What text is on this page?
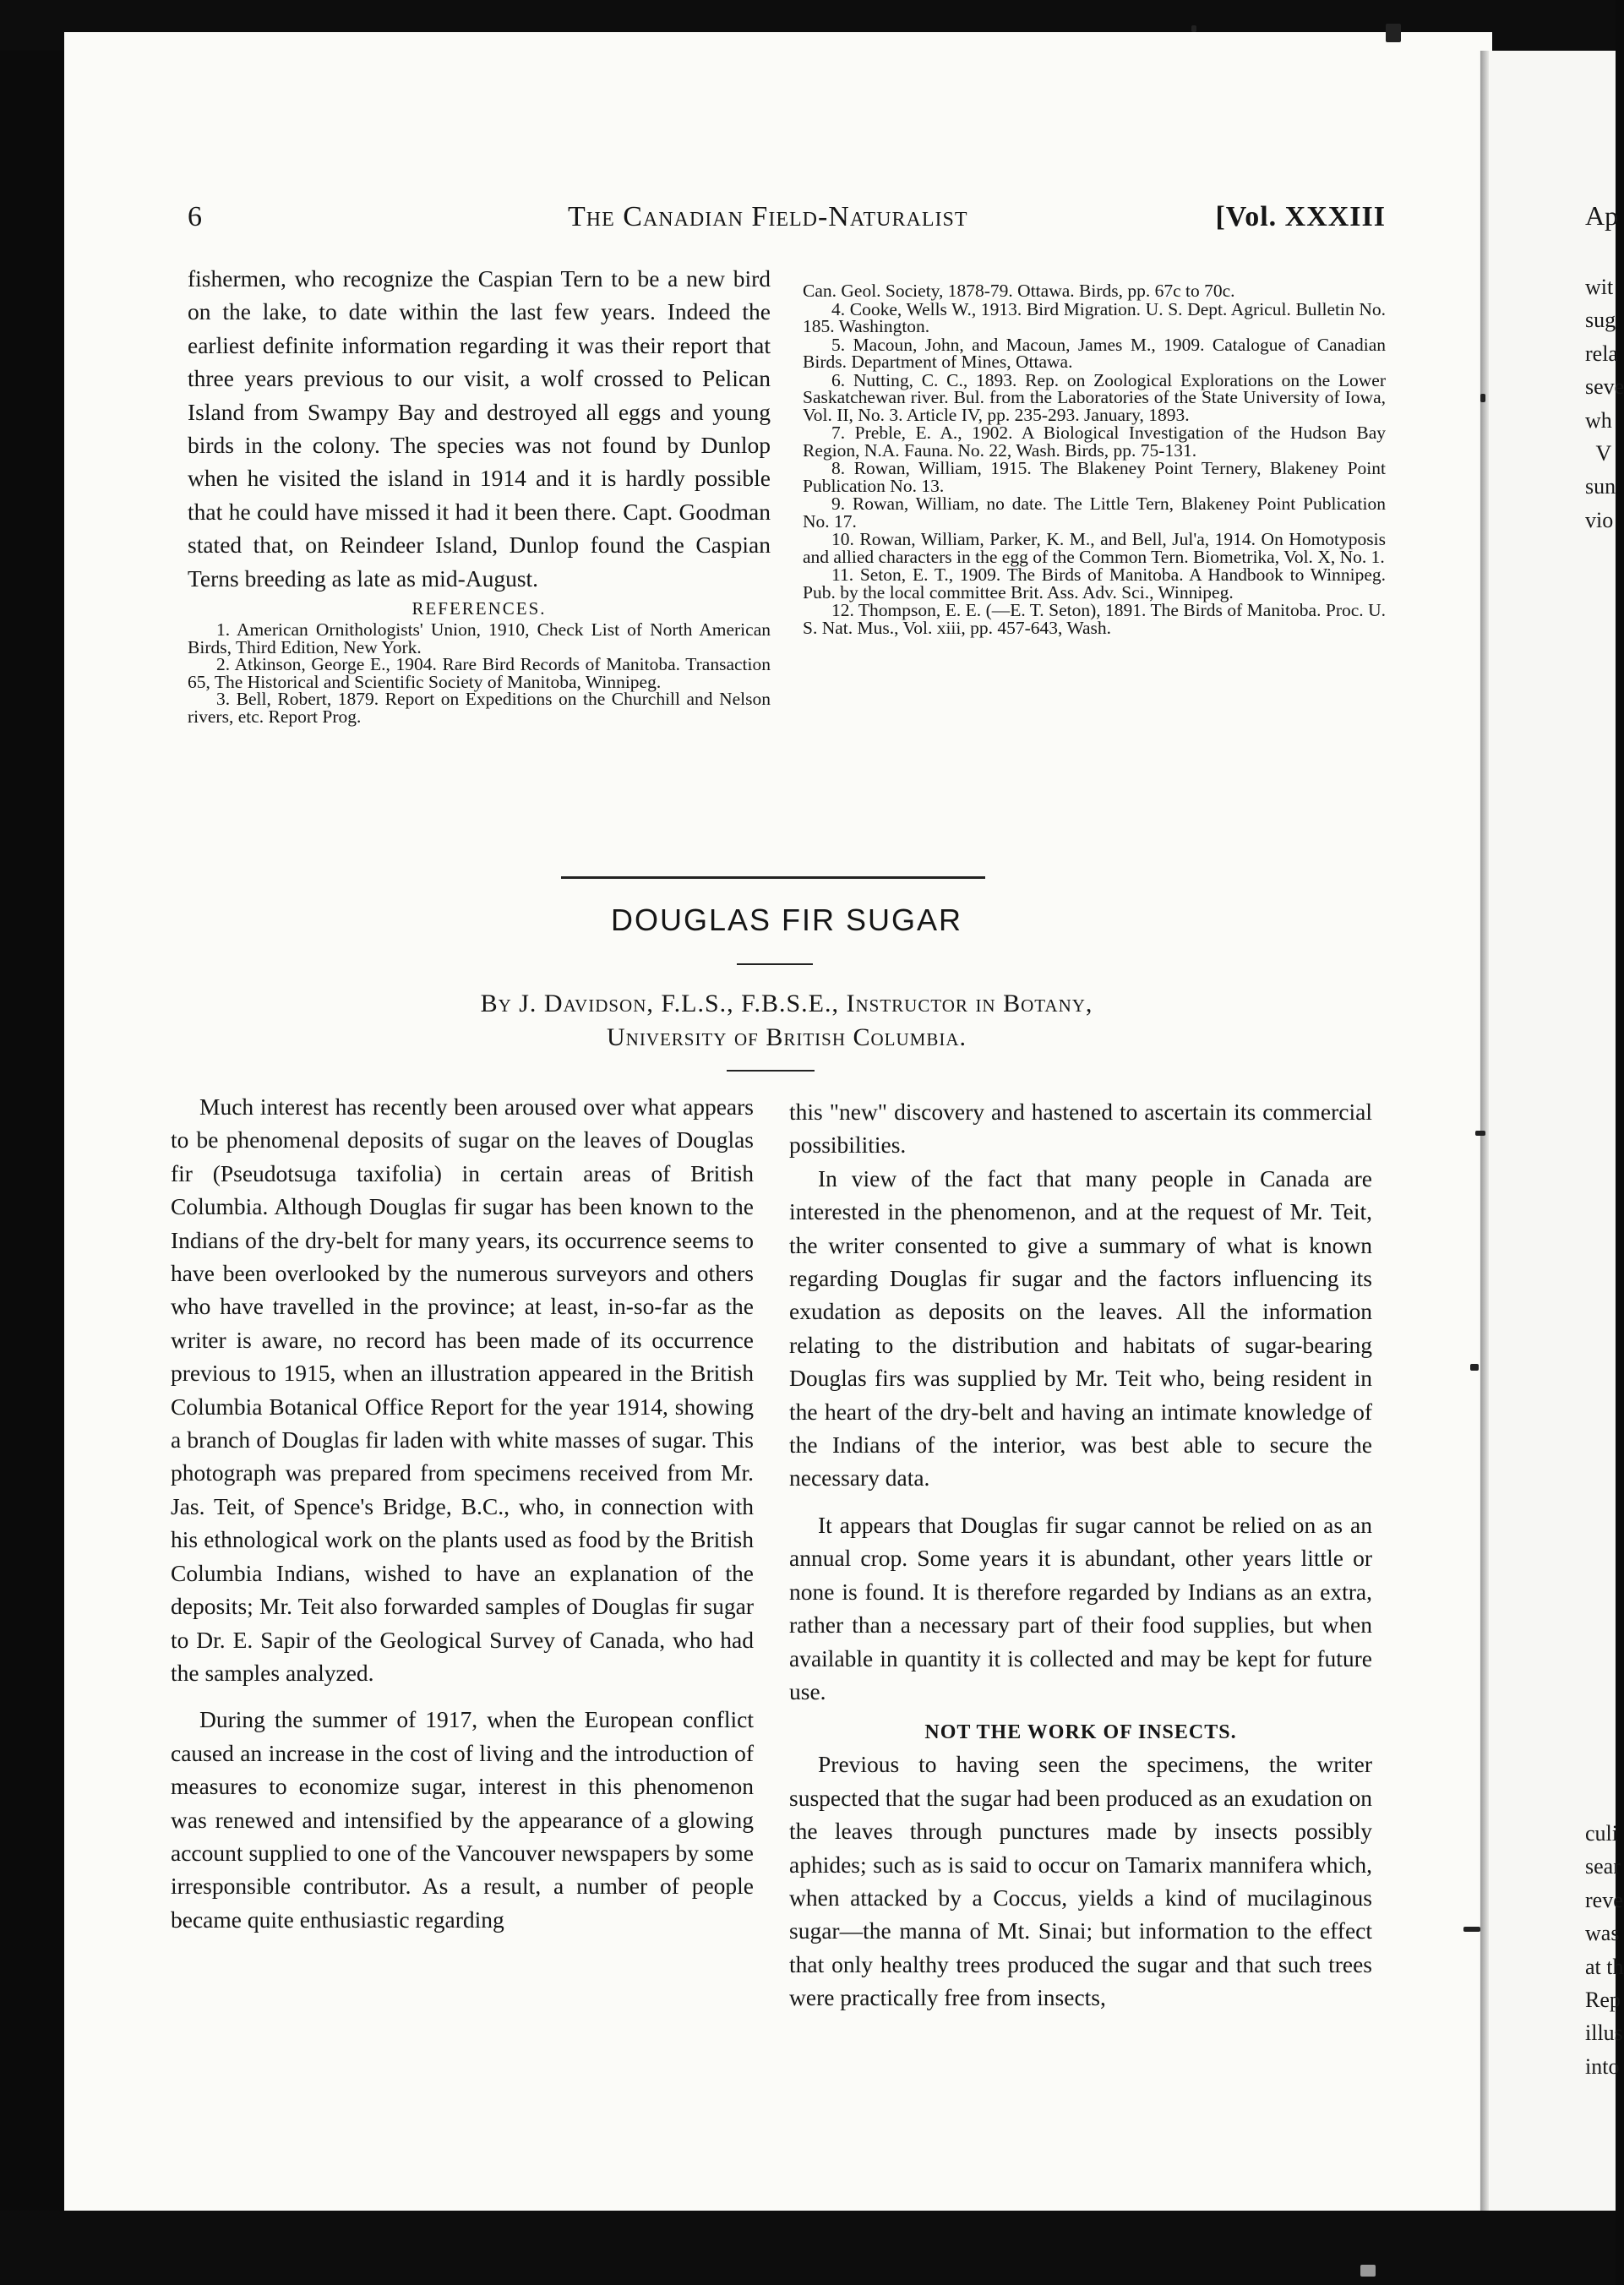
6	The Canadian Field-Naturalist	[Vol. XXXIII

fishermen, who recognize the Caspian Tern to be a new bird on the lake, to date within the last few years. Indeed the earliest definite information regarding it was their report that three years previous to our visit, a wolf crossed to Pelican Island from Swampy Bay and destroyed all eggs and young birds in the colony. The species was not found by Dunlop when he visited the island in 1914 and it is hardly possible that he could have missed it had it been there. Capt. Goodman stated that, on Reindeer Island, Dunlop found the Caspian Terns breeding as late as mid-August.

REFERENCES.

1. American Ornithologists' Union, 1910, Check List of North American Birds, Third Edition, New York.

2. Atkinson, George E., 1904. Rare Bird Records of Manitoba. Transaction 65, The Historical and Scientific Society of Manitoba, Winnipeg.

3. Bell, Robert, 1879. Report on Expeditions on the Churchill and Nelson rivers, etc. Report Prog.

Can. Geol. Society, 1878-79. Ottawa. Birds, pp. 67c to 70c.

4. Cooke, Wells W., 1913. Bird Migration. U. S. Dept. Agricul. Bulletin No. 185. Washington.

5. Macoun, John, and Macoun, James M., 1909. Catalogue of Canadian Birds. Department of Mines, Ottawa.

6. Nutting, C. C., 1893. Rep. on Zoological Explorations on the Lower Saskatchewan river. Bul. from the Laboratories of the State University of Iowa, Vol. II, No. 3. Article IV, pp. 235-293. January, 1893.

7. Preble, E. A., 1902. A Biological Investigation of the Hudson Bay Region, N.A. Fauna. No. 22, Wash. Birds, pp. 75-131.

8. Rowan, William, 1915. The Blakeney Point Ternery, Blakeney Point Publication No. 13.

9. Rowan, William, no date. The Little Tern, Blakeney Point Publication No. 17.

10. Rowan, William, Parker, K. M., and Bell, Jul'a, 1914. On Homotyposis and allied characters in the egg of the Common Tern. Biometrika, Vol. X, No. 1.

11. Seton, E. T., 1909. The Birds of Manitoba. A Handbook to Winnipeg. Pub. by the local committee Brit. Ass. Adv. Sci., Winnipeg.

12. Thompson, E. E. (—E. T. Seton), 1891. The Birds of Manitoba. Proc. U. S. Nat. Mus., Vol. xiii, pp. 457-643, Wash.

DOUGLAS FIR SUGAR
By J. Davidson, F.L.S., F.B.S.E., Instructor in Botany,
University of British Columbia.

Much interest has recently been aroused over what appears to be phenomenal deposits of sugar on the leaves of Douglas fir (Pseudotsuga taxifolia) in certain areas of British Columbia. Although Douglas fir sugar has been known to the Indians of the dry-belt for many years, its occurrence seems to have been overlooked by the numerous surveyors and others who have travelled in the province; at least, in-so-far as the writer is aware, no record has been made of its occurrence previous to 1915, when an illustration appeared in the British Columbia Botanical Office Report for the year 1914, showing a branch of Douglas fir laden with white masses of sugar. This photograph was prepared from specimens received from Mr. Jas. Teit, of Spence's Bridge, B.C., who, in connection with his ethnological work on the plants used as food by the British Columbia Indians, wished to have an explanation of the deposits; Mr. Teit also forwarded samples of Douglas fir sugar to Dr. E. Sapir of the Geological Survey of Canada, who had the samples analyzed.

During the summer of 1917, when the European conflict caused an increase in the cost of living and the introduction of measures to economize sugar, interest in this phenomenon was renewed and intensified by the appearance of a glowing account supplied to one of the Vancouver newspapers by some irresponsible contributor. As a result, a number of people became quite enthusiastic regarding

this "new" discovery and hastened to ascertain its commercial possibilities.

In view of the fact that many people in Canada are interested in the phenomenon, and at the request of Mr. Teit, the writer consented to give a summary of what is known regarding Douglas fir sugar and the factors influencing its exudation as deposits on the leaves. All the information relating to the distribution and habitats of sugar-bearing Douglas firs was supplied by Mr. Teit who, being resident in the heart of the dry-belt and having an intimate knowledge of the Indians of the interior, was best able to secure the necessary data.

It appears that Douglas fir sugar cannot be relied on as an annual crop. Some years it is abundant, other years little or none is found. It is therefore regarded by Indians as an extra, rather than a necessary part of their food supplies, but when available in quantity it is collected and may be kept for future use.

NOT THE WORK OF INSECTS.

Previous to having seen the specimens, the writer suspected that the sugar had been produced as an exudation on the leaves through punctures made by insects possibly aphides; such as is said to occur on Tamarix mannifera which, when attacked by a Coccus, yields a kind of mucilaginous sugar—the manna of Mt. Sinai; but information to the effect that only healthy trees produced the sugar and that such trees were practically free from insects,

Ap
wit
sug
rela
seve
wh
V
sun
vio
culi
sear
reve
was
at th
Rep
illus
into
